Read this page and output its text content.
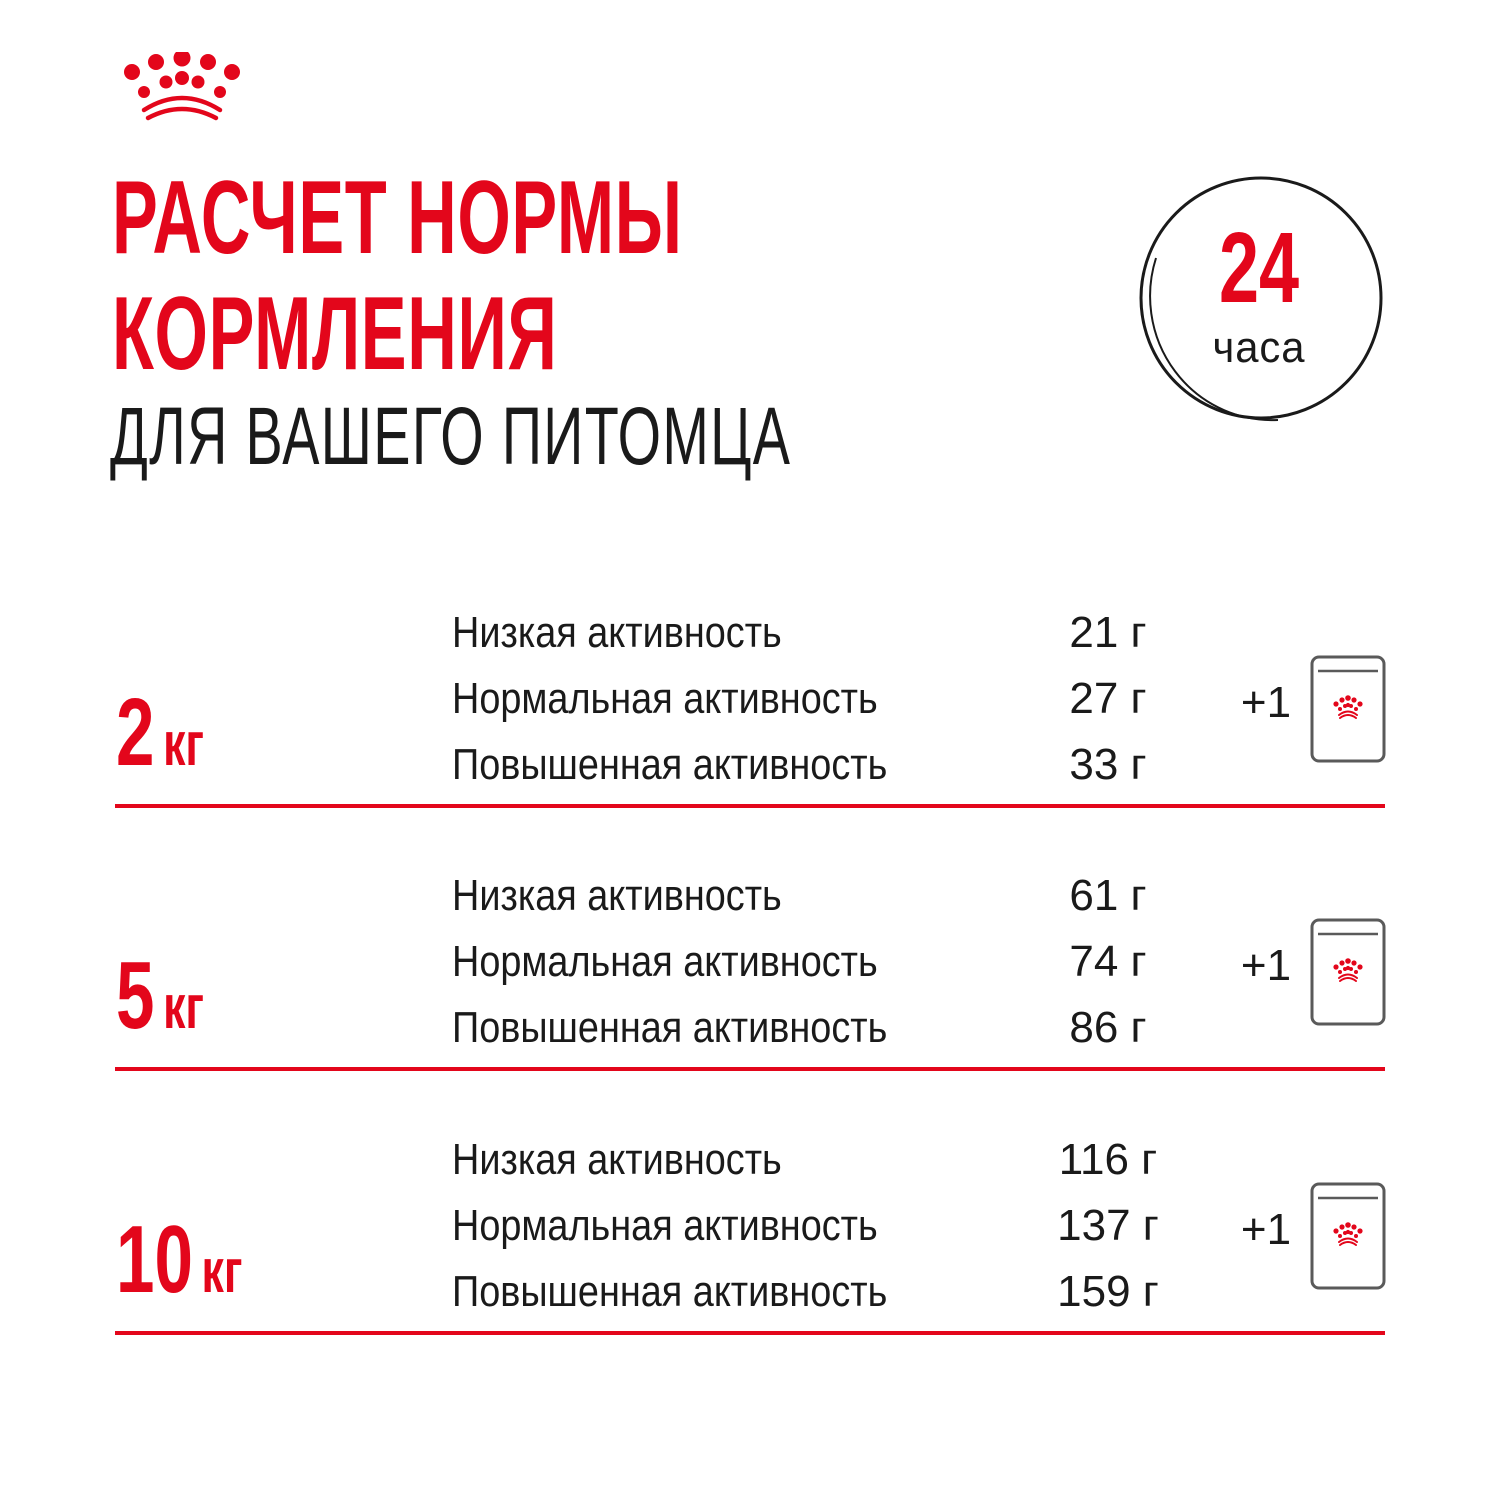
РАСЧЕТ НОРМЫ
КОРМЛЕНИЯ
ДЛЯ ВАШЕГО ПИТОМЦА
24
часа
2 кг
Низкая активность	21 г
Нормальная активность	27 г
Повышенная активность	33 г
+1
5 кг
Низкая активность	61 г
Нормальная активность	74 г
Повышенная активность	86 г
+1
10 кг
Низкая активность	116 г
Нормальная активность	137 г
Повышенная активность	159 г
+1
